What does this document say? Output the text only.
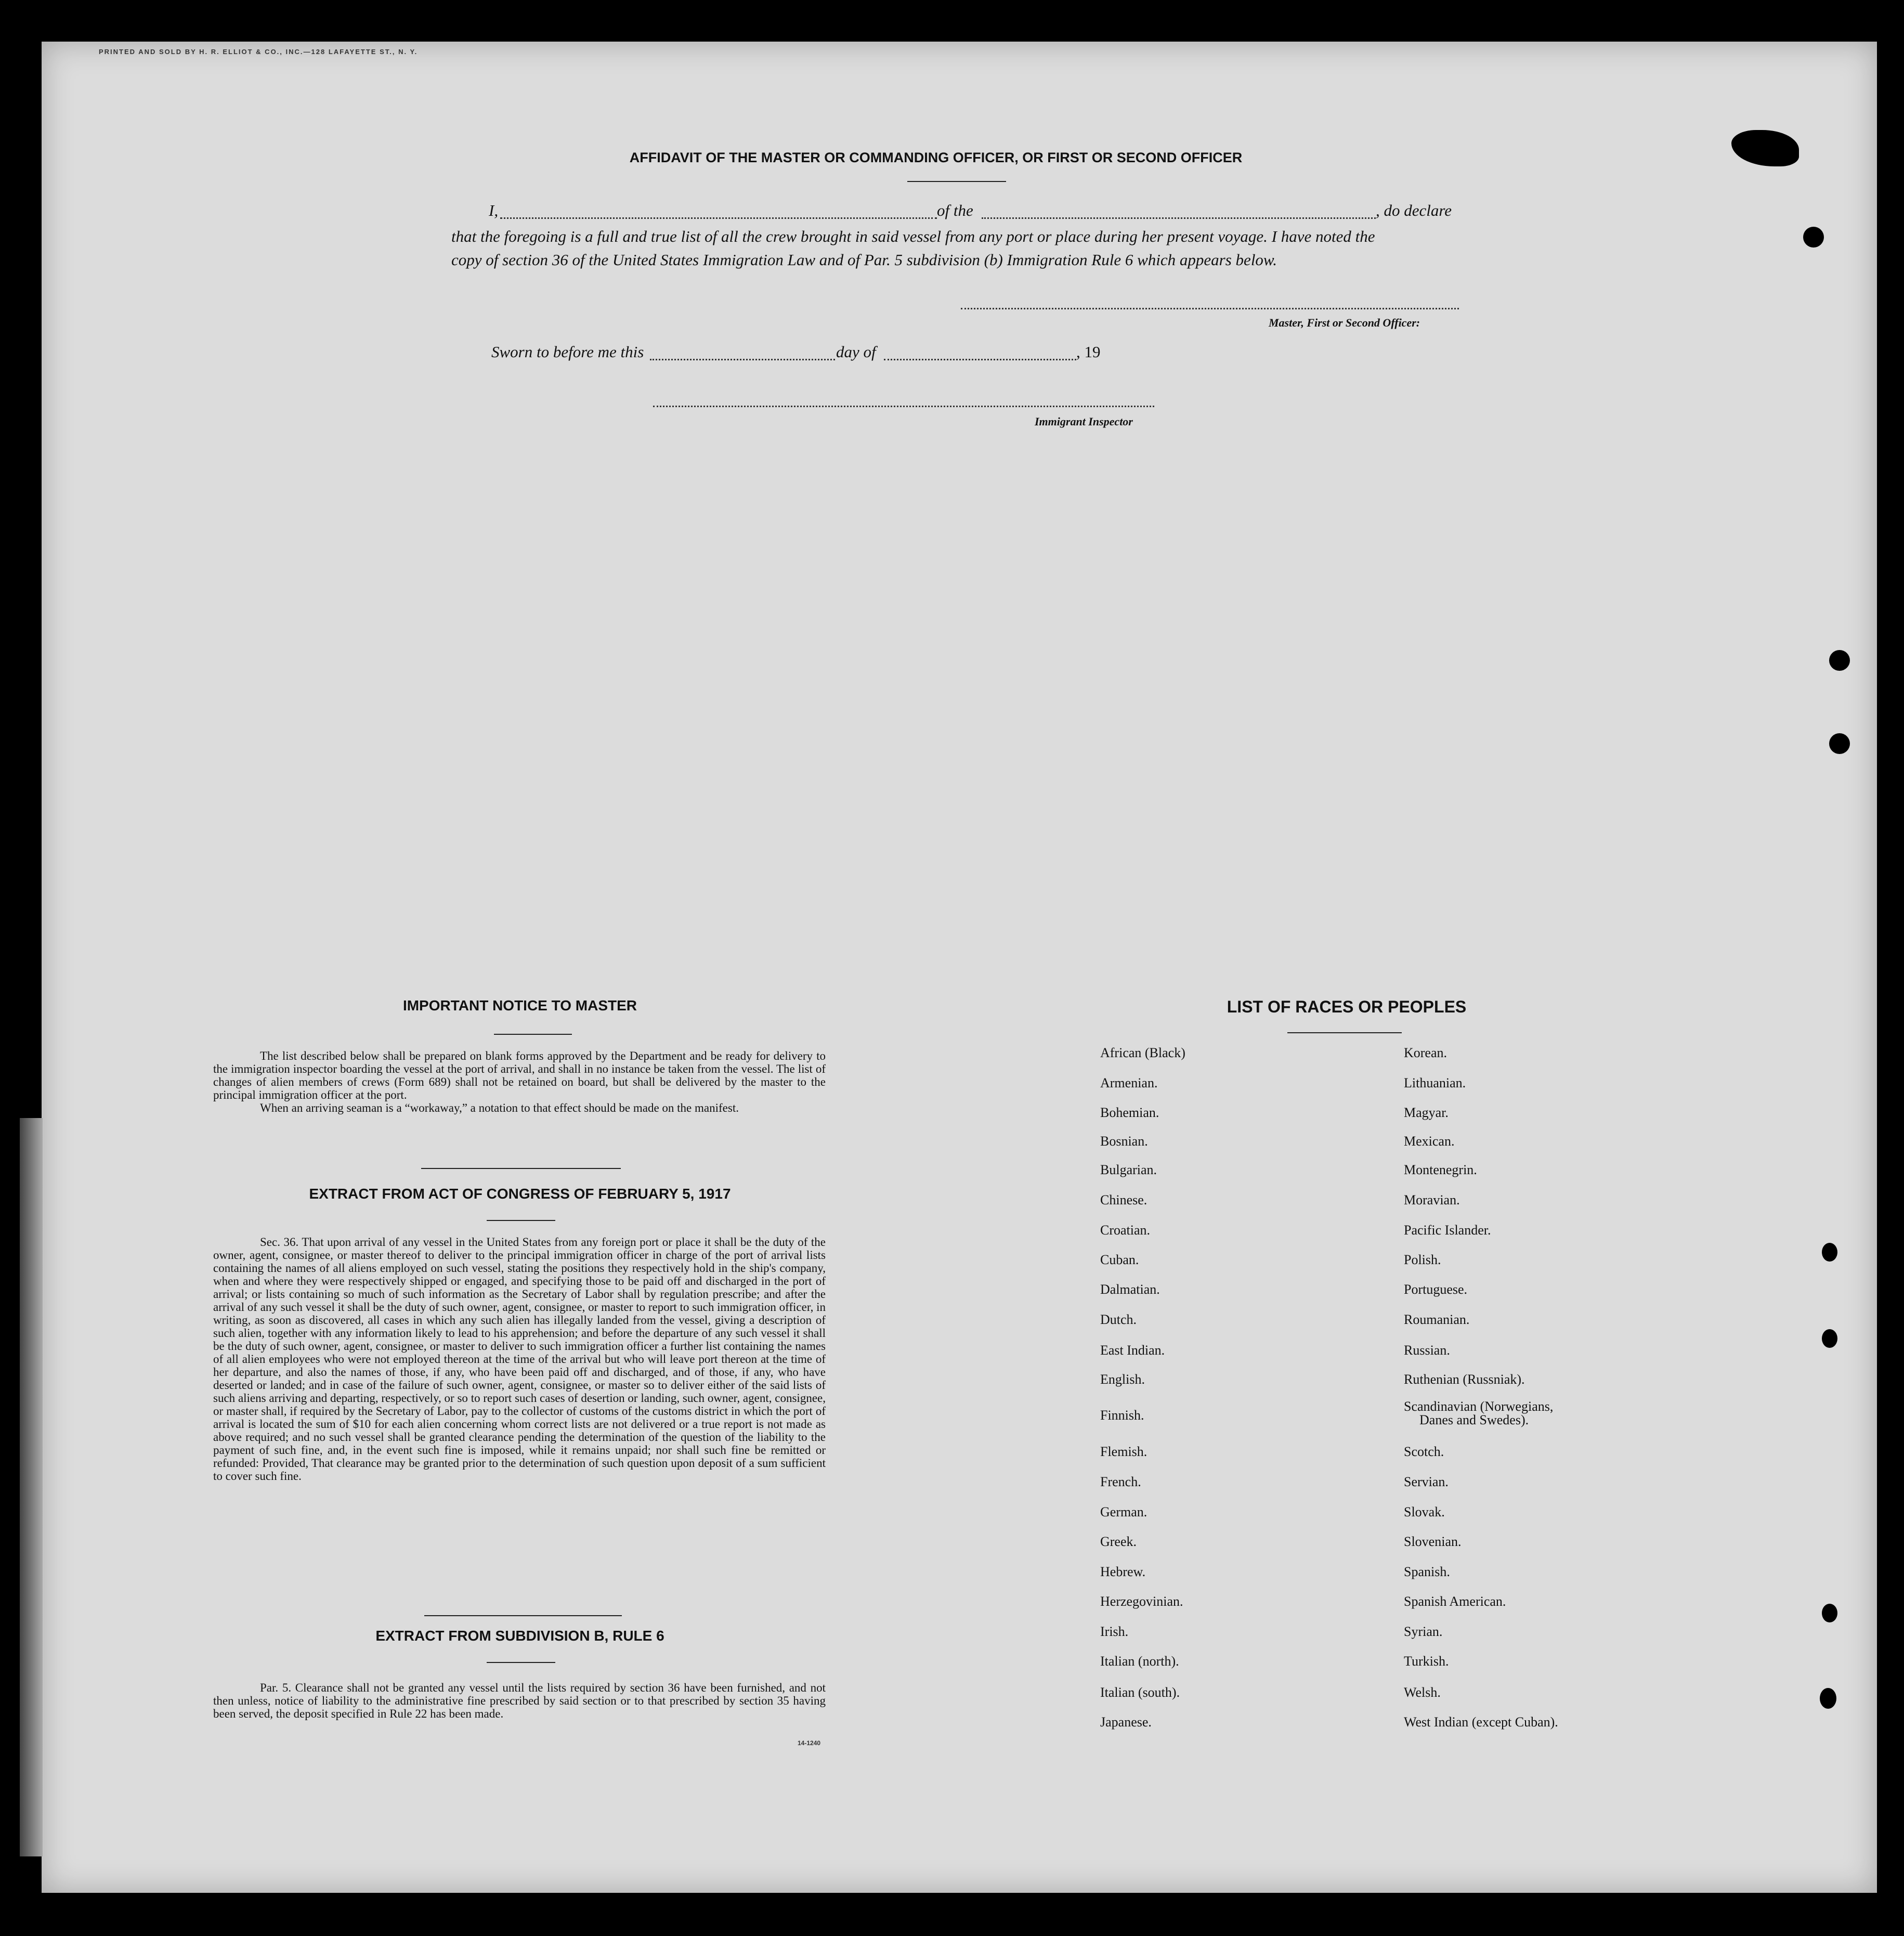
PRINTED AND SOLD BY H. R. ELLIOT & CO., INC.—128 LAFAYETTE ST., N. Y.
AFFIDAVIT OF THE MASTER OR COMMANDING OFFICER, OR FIRST OR SECOND OFFICER
I,	of the	, do declare
that the foregoing is a full and true list of all the crew brought in said vessel from any port or place during her present voyage. I have noted the
copy of section 36 of the United States Immigration Law and of Par. 5 subdivision (b) Immigration Rule 6 which appears below.
Master, First or Second Officer:
Sworn to before me this	day of	, 19
Immigrant Inspector
IMPORTANT NOTICE TO MASTER

The list described below shall be prepared on blank forms approved by the Department and be ready for delivery to the immigration inspector boarding the vessel at the port of arrival, and shall in no instance be taken from the vessel. The list of changes of alien members of crews (Form 689) shall not be retained on board, but shall be delivered by the master to the principal immigration officer at the port.

When an arriving seaman is a “workaway,” a notation to that effect should be made on the manifest.

EXTRACT FROM ACT OF CONGRESS OF FEBRUARY 5, 1917

Sec. 36. That upon arrival of any vessel in the United States from any foreign port or place it shall be the duty of the owner, agent, consignee, or master thereof to deliver to the principal immigration officer in charge of the port of arrival lists containing the names of all aliens employed on such vessel, stating the positions they respectively hold in the ship's company, when and where they were respectively shipped or engaged, and specifying those to be paid off and discharged in the port of arrival; or lists containing so much of such information as the Secretary of Labor shall by regulation prescribe; and after the arrival of any such vessel it shall be the duty of such owner, agent, consignee, or master to report to such immigration officer, in writing, as soon as discovered, all cases in which any such alien has illegally landed from the vessel, giving a description of such alien, together with any information likely to lead to his apprehension; and before the departure of any such vessel it shall be the duty of such owner, agent, consignee, or master to deliver to such immigration officer a further list containing the names of all alien employees who were not employed thereon at the time of the arrival but who will leave port thereon at the time of her departure, and also the names of those, if any, who have been paid off and discharged, and of those, if any, who have deserted or landed; and in case of the failure of such owner, agent, consignee, or master so to deliver either of the said lists of such aliens arriving and departing, respectively, or so to report such cases of desertion or landing, such owner, agent, consignee, or master shall, if required by the Secretary of Labor, pay to the collector of customs of the customs district in which the port of arrival is located the sum of $10 for each alien concerning whom correct lists are not delivered or a true report is not made as above required; and no such vessel shall be granted clearance pending the determination of the question of the liability to the payment of such fine, and, in the event such fine is imposed, while it remains unpaid; nor shall such fine be remitted or refunded: Provided, That clearance may be granted prior to the determination of such question upon deposit of a sum sufficient to cover such fine.

EXTRACT FROM SUBDIVISION B, RULE 6

Par. 5. Clearance shall not be granted any vessel until the lists required by section 36 have been furnished, and not then unless, notice of liability to the administrative fine prescribed by said section or to that prescribed by section 35 having been served, the deposit specified in Rule 22 has been made.

14-1240
LIST OF RACES OR PEOPLES
African (Black)
Armenian.
Bohemian.
Bosnian.
Bulgarian.
Chinese.
Croatian.
Cuban.
Dalmatian.
Dutch.
East Indian.
English.
Finnish.
Flemish.
French.
German.
Greek.
Hebrew.
Herzegovinian.
Irish.
Italian (north).
Italian (south).
Japanese.
Korean.
Lithuanian.
Magyar.
Mexican.
Montenegrin.
Moravian.
Pacific Islander.
Polish.
Portuguese.
Roumanian.
Russian.
Ruthenian (Russniak).
Scandinavian (Norwegians,
Danes and Swedes).
Scotch.
Servian.
Slovak.
Slovenian.
Spanish.
Spanish American.
Syrian.
Turkish.
Welsh.
West Indian (except Cuban).
